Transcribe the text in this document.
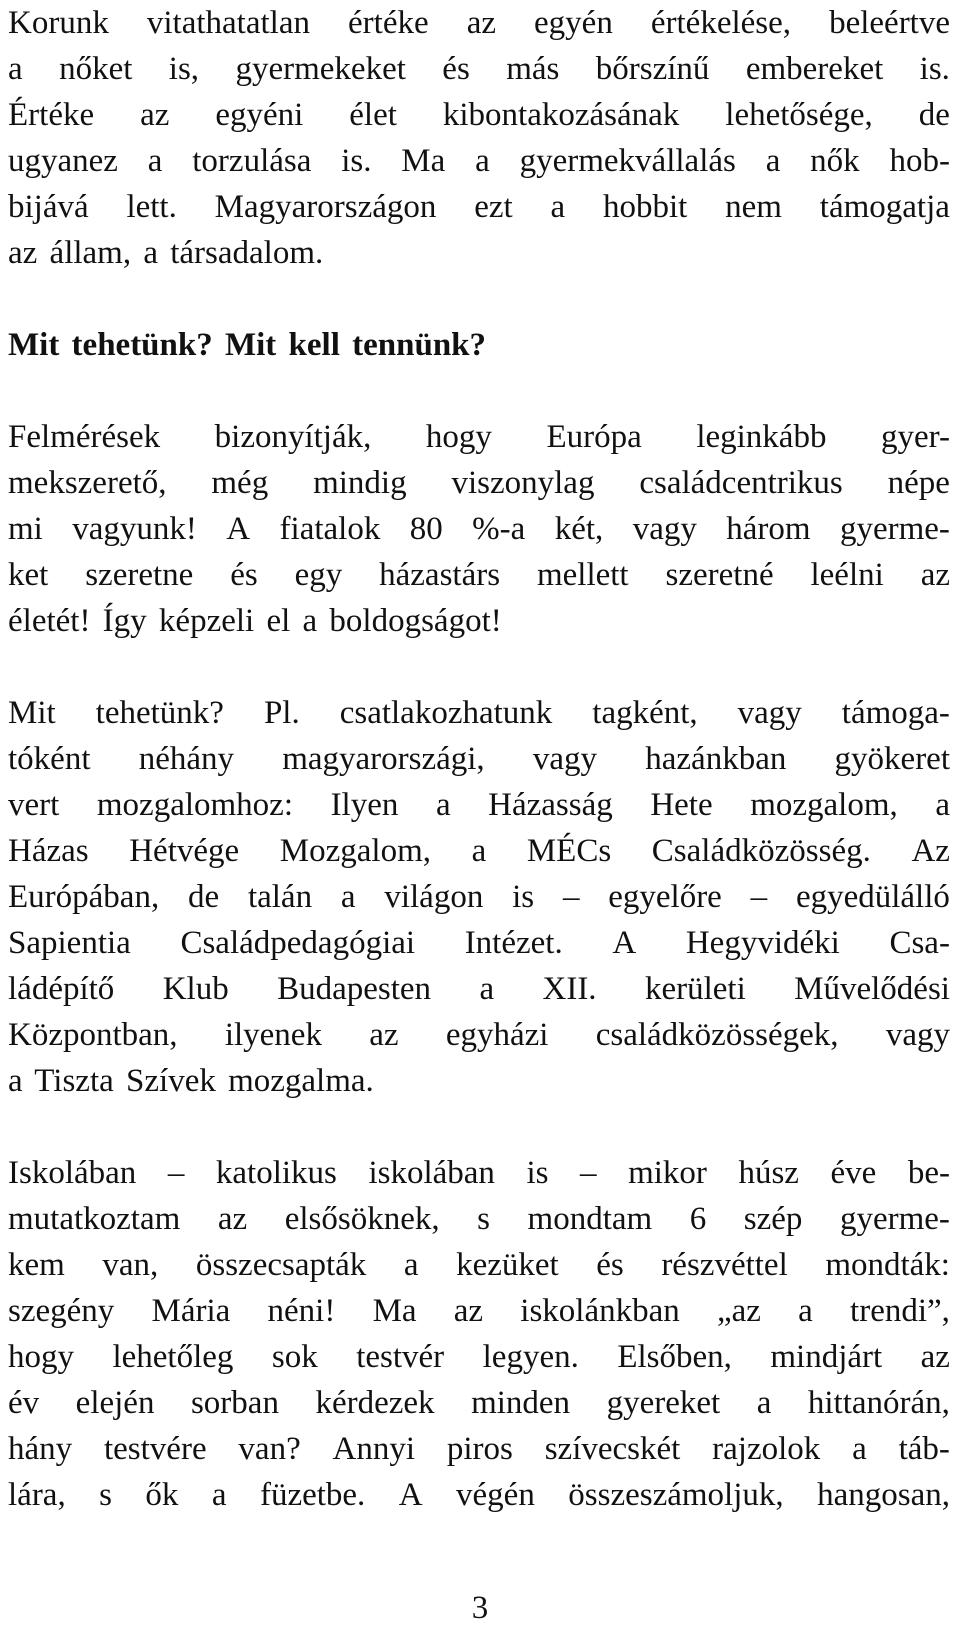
Korunk vitathatatlan értéke az egyén értékelése, beleértve
a nőket is, gyermekeket és más bőrszínű embereket is.
Értéke az egyéni élet kibontakozásának lehetősége, de
ugyanez a torzulása is. Ma a gyermekvállalás a nők hob-
bijává lett. Magyarországon ezt a hobbit nem támogatja
az állam, a társadalom.
Mit tehetünk? Mit kell tennünk?
Felmérések bizonyítják, hogy Európa leginkább gyer-
mekszerető, még mindig viszonylag családcentrikus népe
mi vagyunk! A fiatalok 80 %-a két, vagy három gyerme-
ket szeretne és egy házastárs mellett szeretné leélni az
életét! Így képzeli el a boldogságot!
Mit tehetünk? Pl. csatlakozhatunk tagként, vagy támoga-
tóként néhány magyarországi, vagy hazánkban gyökeret
vert mozgalomhoz: Ilyen a Házasság Hete mozgalom, a
Házas Hétvége Mozgalom, a MÉCs Családközösség. Az
Európában, de talán a világon is – egyelőre – egyedülálló
Sapientia Családpedagógiai Intézet. A Hegyvidéki Csa-
ládépítő Klub Budapesten a XII. kerületi Művelődési
Központban, ilyenek az egyházi családközösségek, vagy
a Tiszta Szívek mozgalma.
Iskolában – katolikus iskolában is – mikor húsz éve be-
mutatkoztam az elsősöknek, s mondtam 6 szép gyerme-
kem van, összecsapták a kezüket és részvéttel mondták:
szegény Mária néni! Ma az iskolánkban „az a trendi”,
hogy lehetőleg sok testvér legyen. Elsőben, mindjárt az
év elején sorban kérdezek minden gyereket a hittanórán,
hány testvére van? Annyi piros szívecskét rajzolok a táb-
lára, s ők a füzetbe. A végén összeszámoljuk, hangosan,
3
